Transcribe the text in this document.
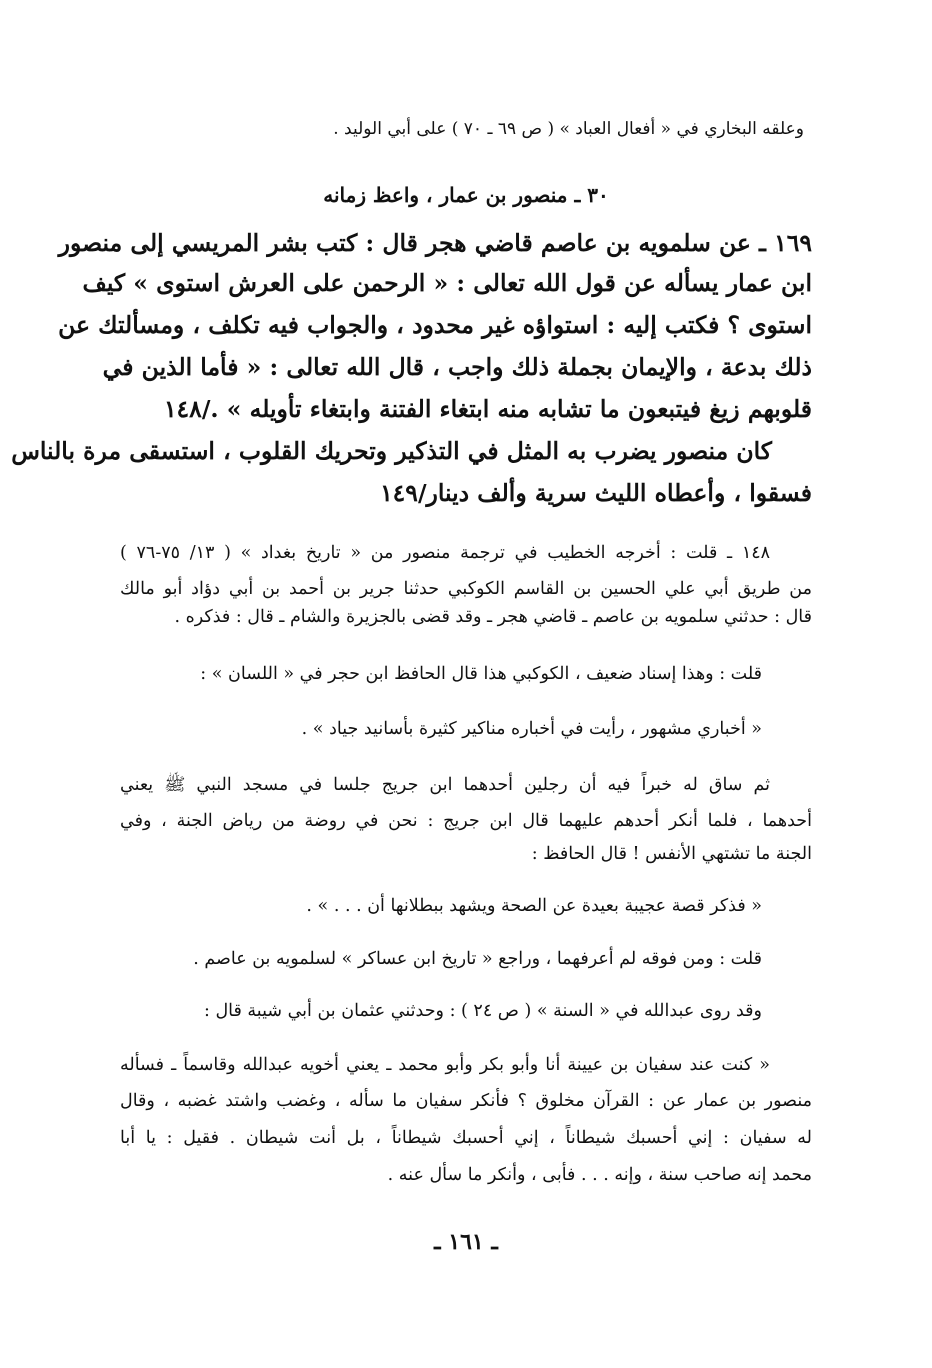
وعلقه البخاري في « أفعال العباد » ( ص ٦٩ ـ ٧٠ ) على أبي الوليد .
٣٠ ـ منصور بن عمار ، واعظ زمانه
١٦٩ ـ عن سلمويه بن عاصم قاضي هجر قال : كتب بشر المريسي إلى منصور
ابن عمار يسأله عن قول الله تعالى : « الرحمن على العرش استوى » كيف
استوى ؟ فكتب إليه : استواؤه غير محدود ، والجواب فيه تكلف ، ومسألتك عن
ذلك بدعة ، والإيمان بجملة ذلك واجب ، قال الله تعالى : « فأما الذين في
قلوبهم زيغ فيتبعون ما تشابه منه ابتغاء الفتنة وابتغاء تأويله » ./١٤٨
كان منصور يضرب به المثل في التذكير وتحريك القلوب ، استسقى مرة بالناس
فسقوا ، وأعطاه الليث سرية وألف دينار/١٤٩
١٤٨ ـ قلت : أخرجه الخطيب في ترجمة منصور من « تاريخ بغداد » ( ١٣/ ٧٥-٧٦ )
من طريق أبي علي الحسين بن القاسم الكوكبي حدثنا جرير بن أحمد بن أبي دؤاد أبو مالك
قال : حدثني سلمويه بن عاصم ـ قاضي هجر ـ وقد قضى بالجزيرة والشام ـ قال : فذكره .
قلت : وهذا إسناد ضعيف ، الكوكبي هذا قال الحافظ ابن حجر في « اللسان » :
« أخباري مشهور ، رأيت في أخباره مناكير كثيرة بأسانيد جياد » .
ثم ساق له خبراً فيه أن رجلين أحدهما ابن جريج جلسا في مسجد النبي ﷺ يعني
أحدهما ، فلما أنكر أحدهم عليهما قال ابن جريج : نحن في روضة من رياض الجنة ، وفي
الجنة ما تشتهي الأنفس ! قال الحافظ :
« فذكر قصة عجيبة بعيدة عن الصحة ويشهد ببطلانها أن . . . » .
قلت : ومن فوقه لم أعرفهما ، وراجع « تاريخ ابن عساكر » لسلمويه بن عاصم .
وقد روى عبدالله في « السنة » ( ص ٢٤ ) : وحدثني عثمان بن أبي شيبة قال :
« كنت عند سفيان بن عيينة أنا وأبو بكر وأبو محمد ـ يعني أخويه عبدالله وقاسماً ـ فسأله
منصور بن عمار عن : القرآن مخلوق ؟ فأنكر سفيان ما سأله ، وغضب واشتد غضبه ، وقال
له سفيان : إني أحسبك شيطاناً ، إني أحسبك شيطاناً ، بل أنت شيطان . فقيل : يا أبا
محمد إنه صاحب سنة ، وإنه . . . فأبى ، وأنكر ما سأل عنه .
ـ ١٦١ ـ
